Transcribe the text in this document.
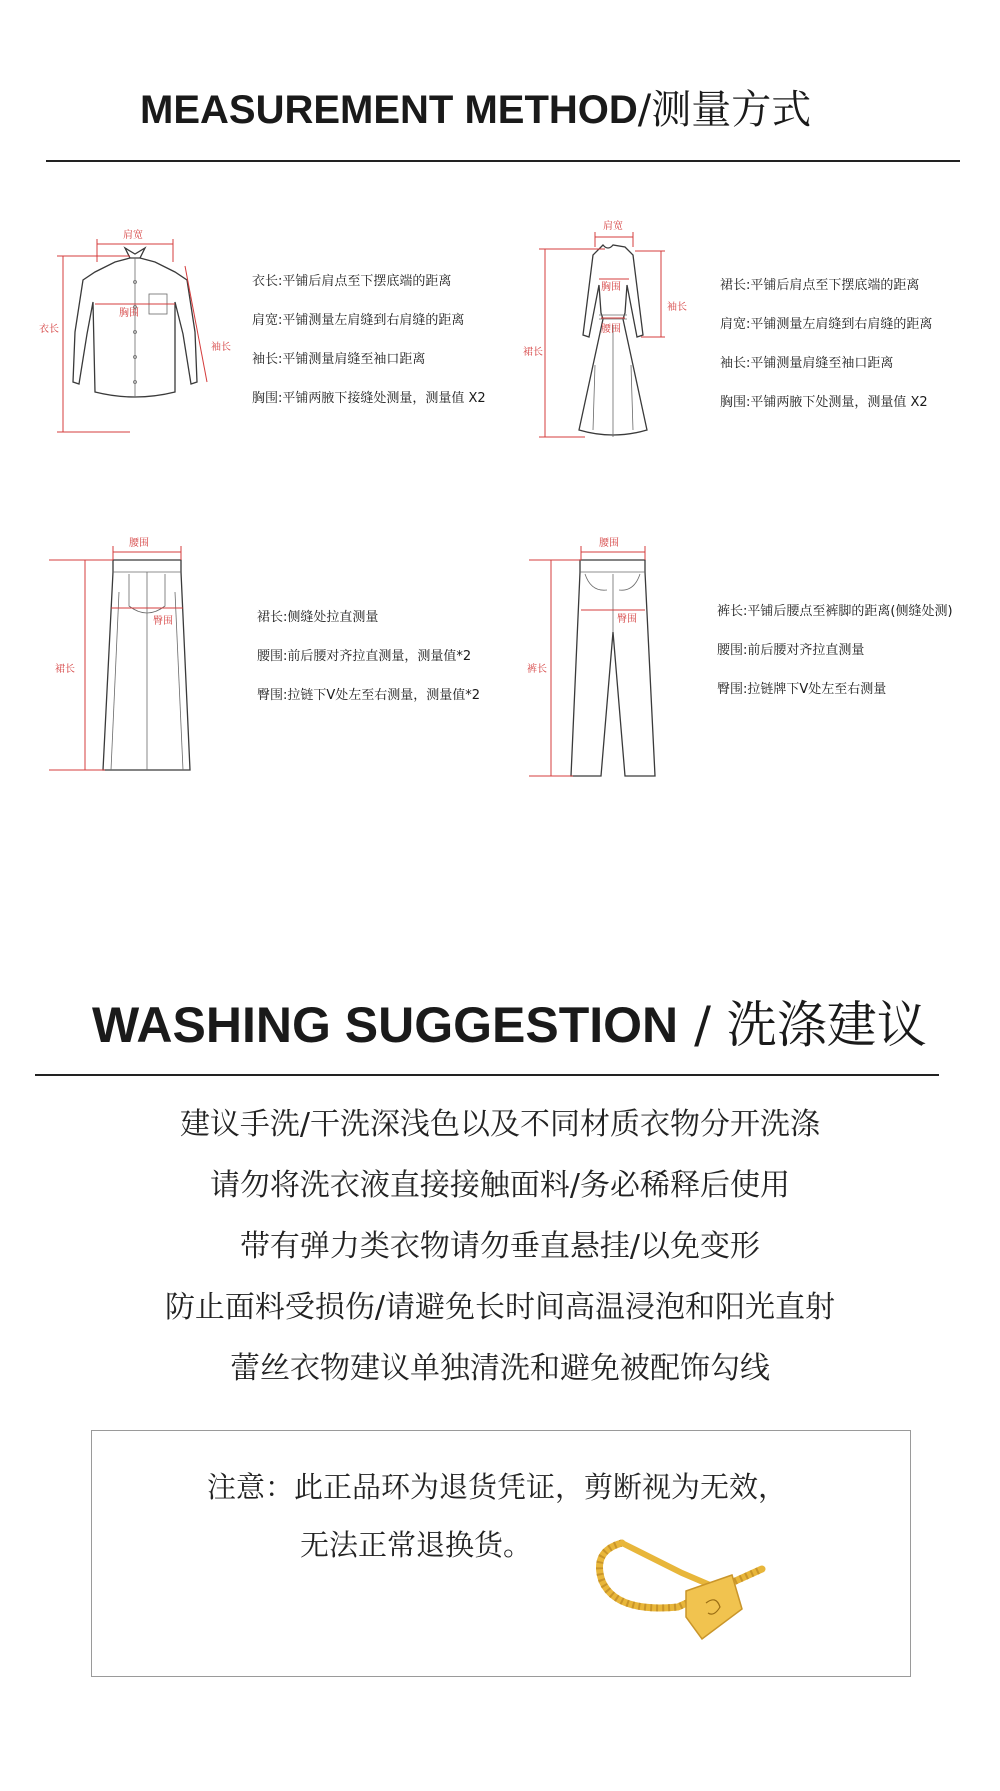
MEASUREMENT METHOD/测量方式
肩宽
胸围
衣长
袖长
衣长:平铺后肩点至下摆底端的距离
肩宽:平铺测量左肩缝到右肩缝的距离
袖长:平铺测量肩缝至袖口距离
胸围:平铺两腋下接缝处测量，测量值 X2
肩宽
胸围
腰围
裙长
袖长
裙长:平铺后肩点至下摆底端的距离
肩宽:平铺测量左肩缝到右肩缝的距离
袖长:平铺测量肩缝至袖口距离
胸围:平铺两腋下处测量，测量值 X2
腰围
臀围
裙长
裙长:侧缝处拉直测量
腰围:前后腰对齐拉直测量，测量值*2
臀围:拉链下V处左至右测量，测量值*2
腰围
臀围
裤长
裤长:平铺后腰点至裤脚的距离(侧缝处测)
腰围:前后腰对齐拉直测量
臀围:拉链牌下V处左至右测量
WASHING SUGGESTION / 洗涤建议
建议手洗/干洗深浅色以及不同材质衣物分开洗涤
请勿将洗衣液直接接触面料/务必稀释后使用
带有弹力类衣物请勿垂直悬挂/以免变形
防止面料受损伤/请避免长时间高温浸泡和阳光直射
蕾丝衣物建议单独清洗和避免被配饰勾线
注意：此正品环为退货凭证，剪断视为无效，
无法正常退换货。
